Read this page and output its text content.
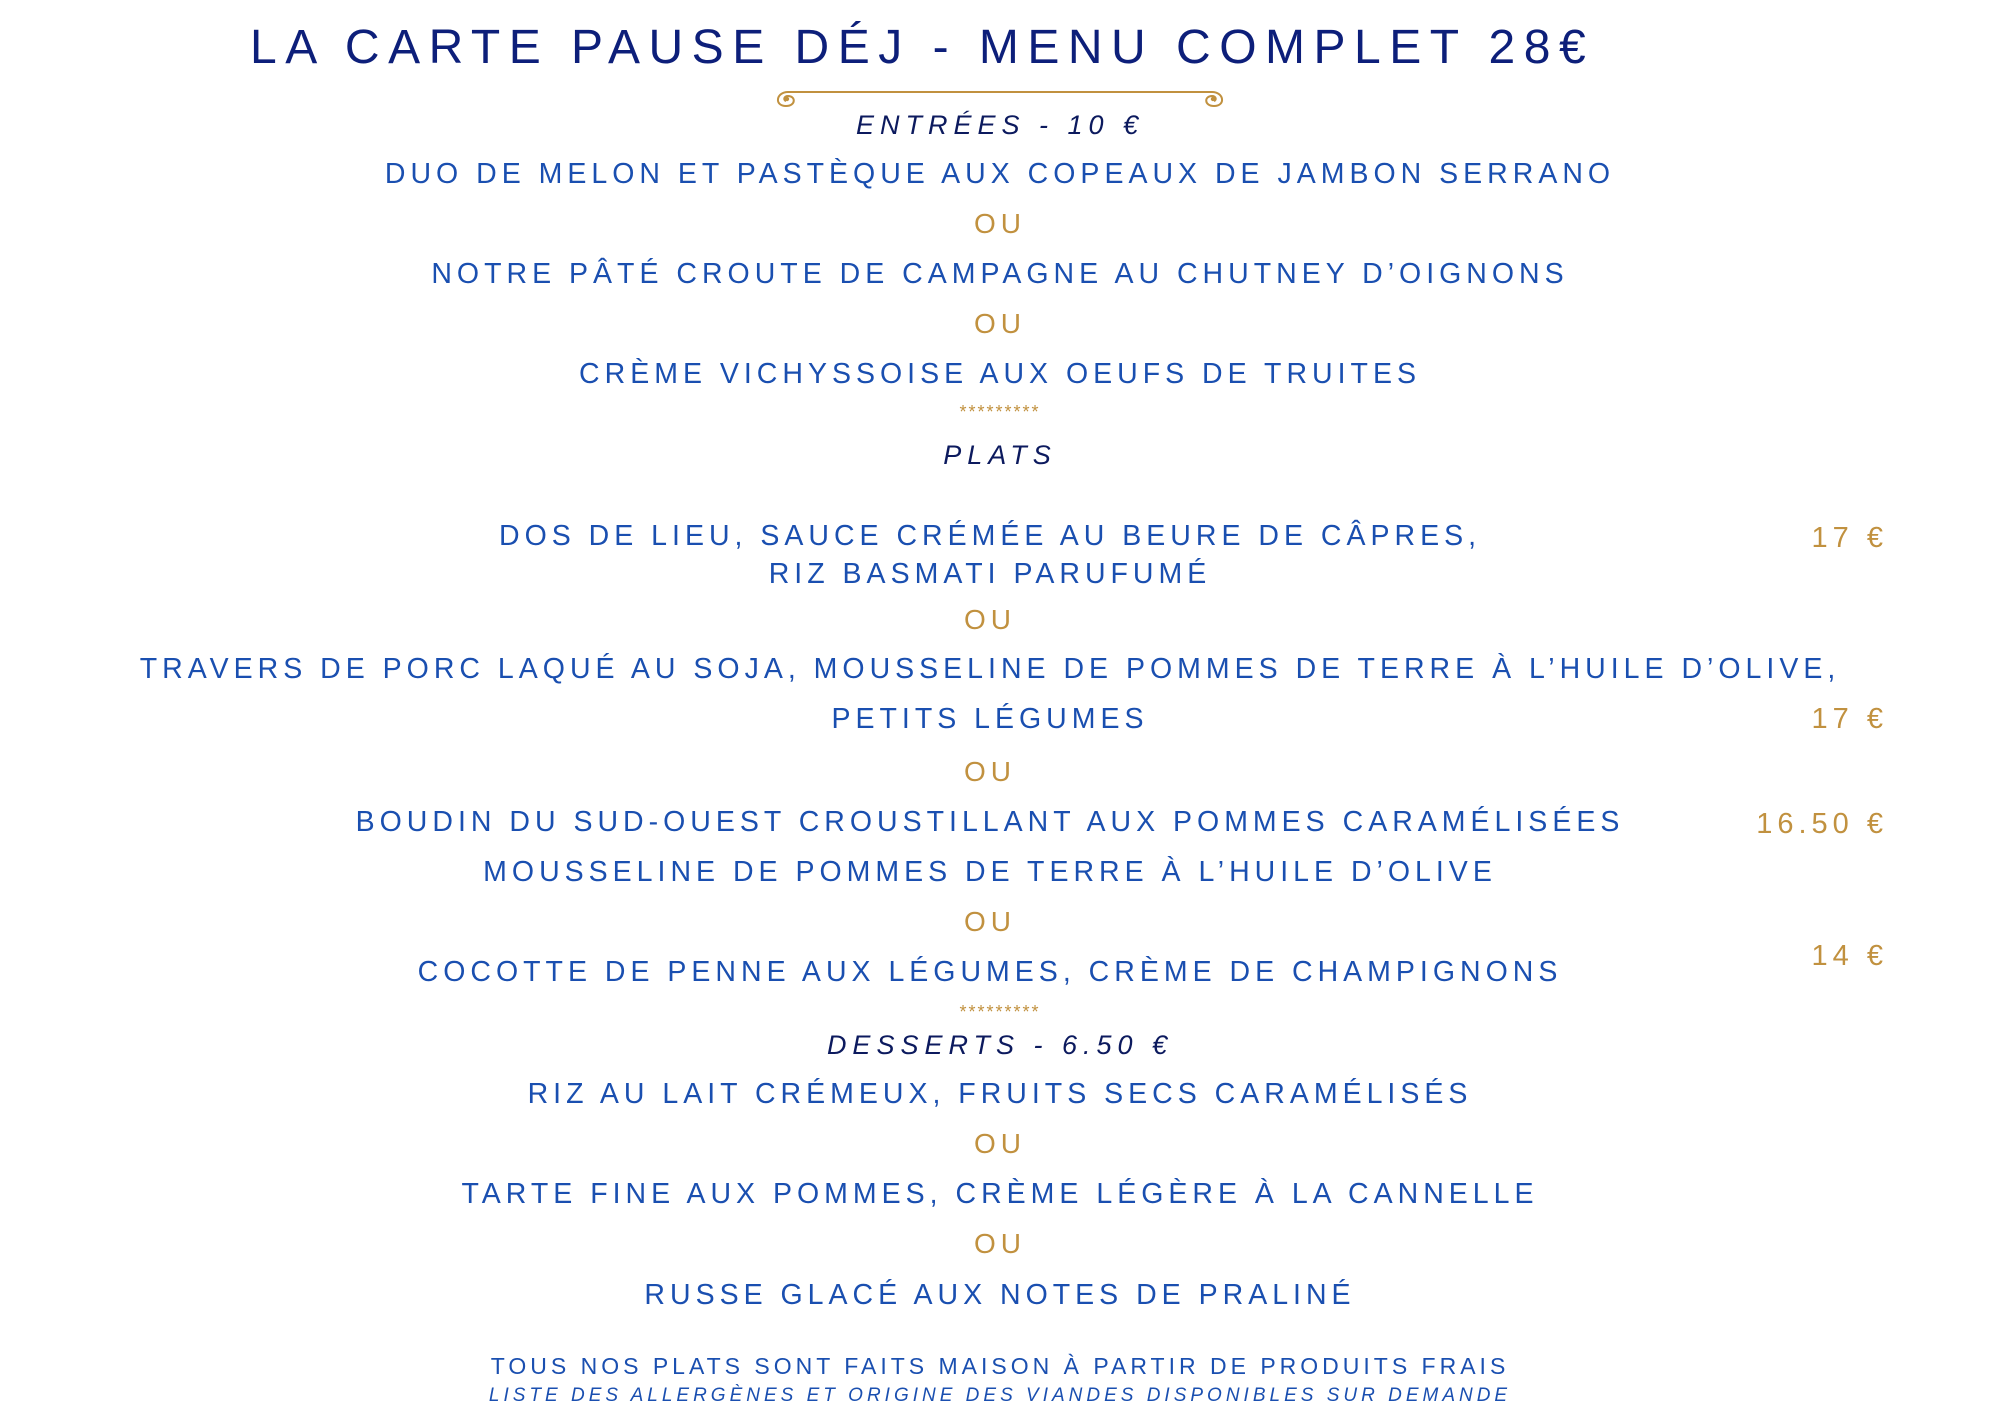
LA CARTE PAUSE DÉJ - MENU COMPLET 28€
ENTRÉES - 10 €
DUO DE MELON ET PASTÈQUE AUX COPEAUX DE JAMBON SERRANO
OU
NOTRE PÂTÉ CROUTE DE CAMPAGNE AU CHUTNEY D’OIGNONS
OU
CRÈME VICHYSSOISE AUX OEUFS DE TRUITES
*********
PLATS
DOS DE LIEU, SAUCE CRÉMÉE AU BEURE DE CÂPRES,
RIZ BASMATI PARUFUMÉ
17 €
OU
TRAVERS DE PORC LAQUÉ AU SOJA, MOUSSELINE DE POMMES DE TERRE À L’HUILE D’OLIVE,
PETITS LÉGUMES	17 €
OU
BOUDIN DU SUD-OUEST CROUSTILLANT AUX POMMES CARAMÉLISÉES
MOUSSELINE DE POMMES DE TERRE À L’HUILE D’OLIVE
16.50 €
OU
COCOTTE DE PENNE AUX LÉGUMES, CRÈME DE CHAMPIGNONS	14 €
*********
DESSERTS - 6.50 €
RIZ AU LAIT CRÉMEUX, FRUITS SECS CARAMÉLISÉS
OU
TARTE FINE AUX POMMES, CRÈME LÉGÈRE À LA CANNELLE
OU
RUSSE GLACÉ AUX NOTES DE PRALINÉ
TOUS NOS PLATS SONT FAITS MAISON À PARTIR DE PRODUITS FRAIS
LISTE DES ALLERGÈNES ET ORIGINE DES VIANDES DISPONIBLES SUR DEMANDE
